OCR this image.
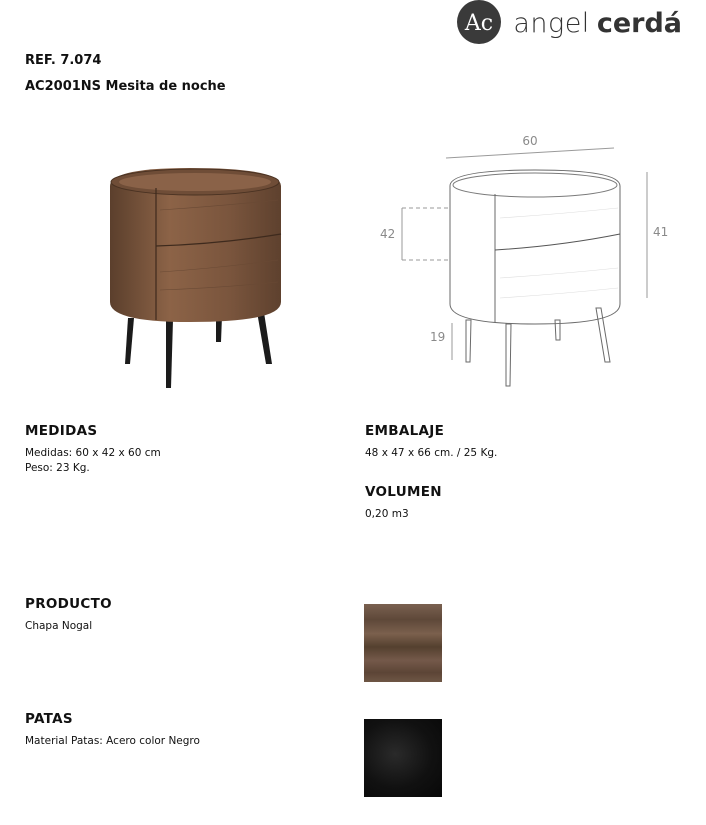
Ac angel cerdá
REF. 7.074
AC2001NS Mesita de noche
60
42	41
19
MEDIDAS
Medidas: 60 x 42 x 60 cm
Peso: 23 Kg.
EMBALAJE
48 x 47 x 66 cm. / 25 Kg.
VOLUMEN
0,20 m3
PRODUCTO
Chapa Nogal
PATAS
Material Patas: Acero color Negro
